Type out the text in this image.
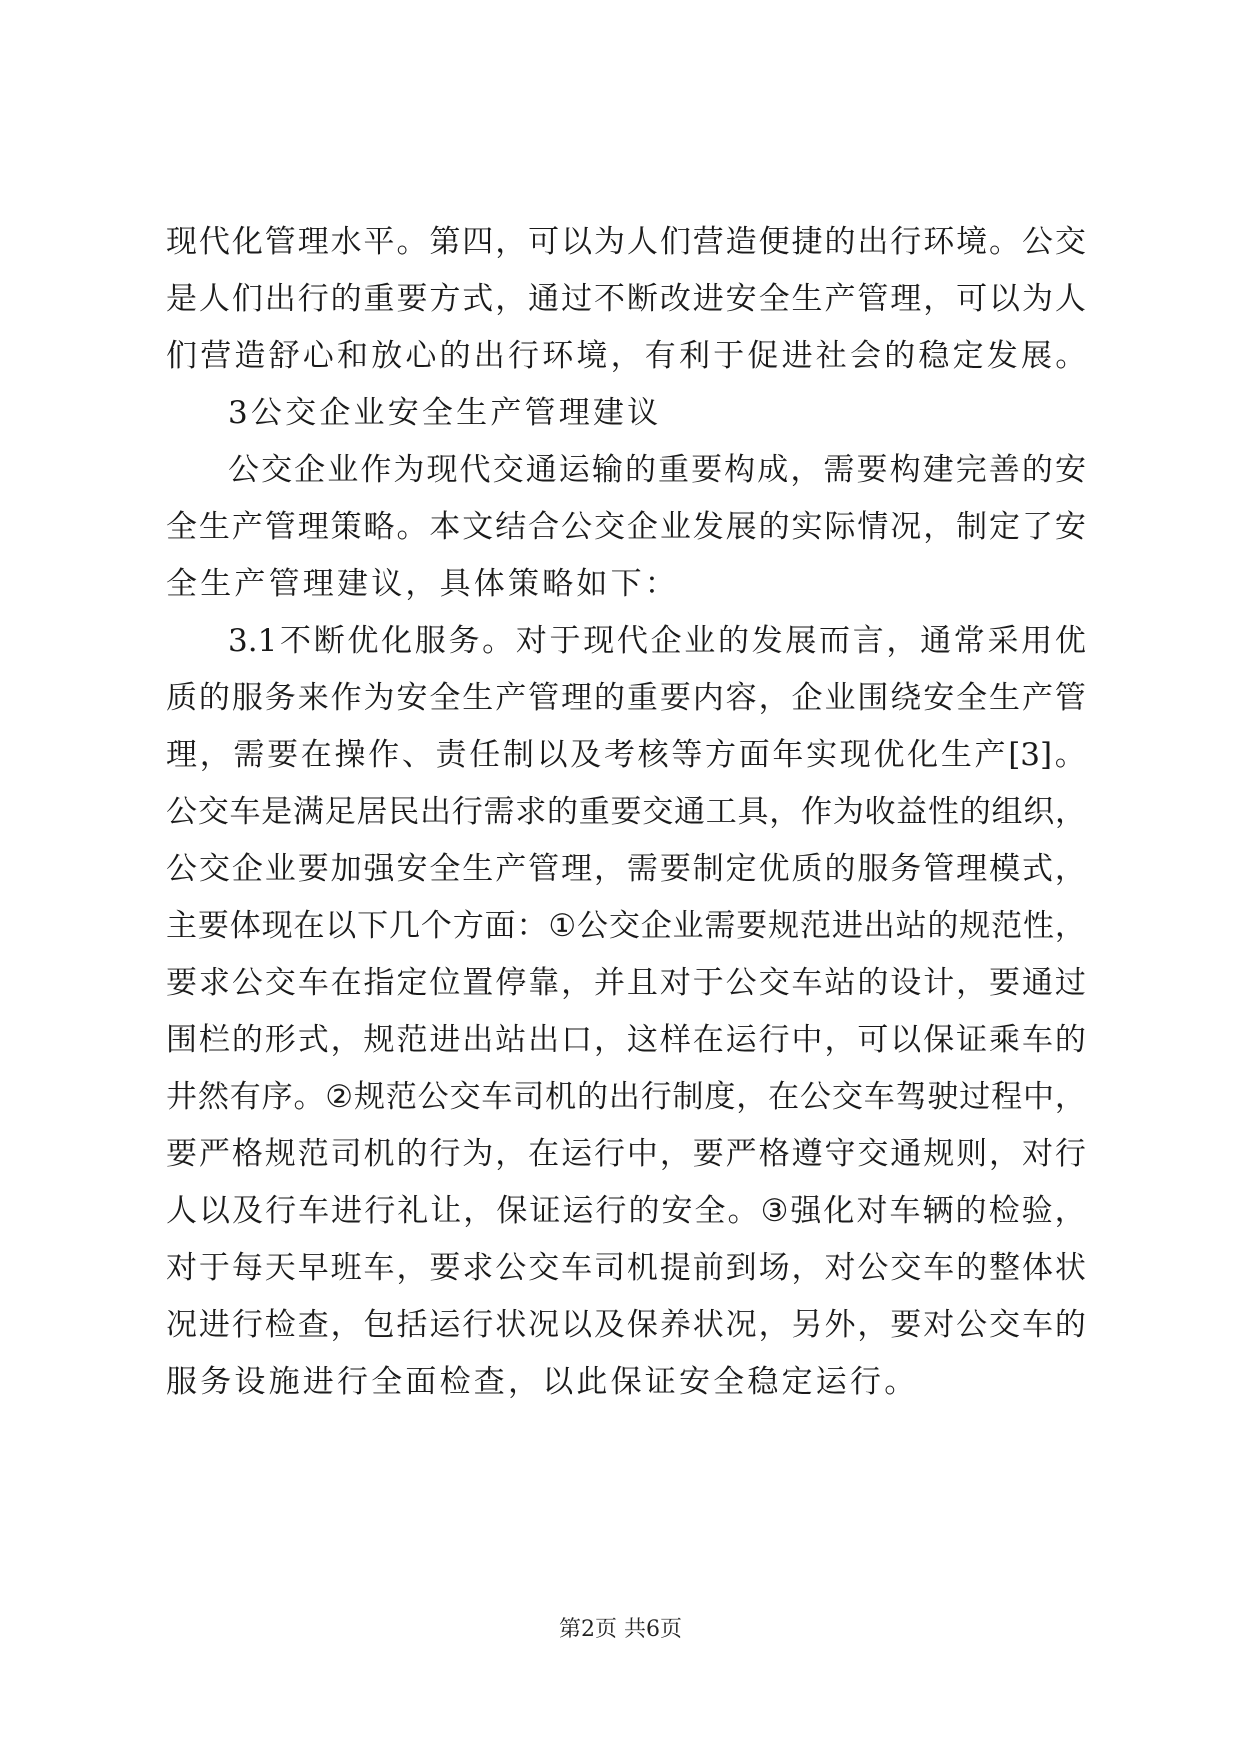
现 代 化 管 理 水 平 。 第 四 ， 可 以 为 人 们 营 造 便 捷 的 出 行 环 境 。 公 交
是 人 们 出 行 的 重 要 方 式 ， 通 过 不 断 改 进 安 全 生 产 管 理 ， 可 以 为 人
们营造舒心和放心的出行环境，有利于促进社会的稳定发展。
3公交企业安全生产管理建议
公 交 企 业 作 为 现 代 交 通 运 输 的 重 要 构 成 ， 需 要 构 建 完 善 的 安
全 生 产 管 理 策 略 。 本 文 结 合 公 交 企 业 发 展 的 实 际 情 况 ， 制 定 了 安
全生产管理建议，具体策略如下：
3.1 不 断 优 化 服 务 。 对 于 现 代 企 业 的 发 展 而 言 ， 通 常 采 用 优
质 的 服 务 来 作 为 安 全 生 产 管 理 的 重 要 内 容 ， 企 业 围 绕 安 全 生 产 管
理 ， 需 要 在 操 作 、 责 任 制 以 及 考 核 等 方 面 年 实 现 优 化 生 产 [3] 。
公 交 车 是 满 足 居 民 出 行 需 求 的 重 要 交 通 工 具 ， 作 为 收 益 性 的 组 织 ，
公 交 企 业 要 加 强 安 全 生 产 管 理 ， 需 要 制 定 优 质 的 服 务 管 理 模 式 ，
主 要 体 现 在 以 下 几 个 方 面 ： ① 公 交 企 业 需 要 规 范 进 出 站 的 规 范 性 ，
要 求 公 交 车 在 指 定 位 置 停 靠 ， 并 且 对 于 公 交 车 站 的 设 计 ， 要 通 过
围 栏 的 形 式 ， 规 范 进 出 站 出 口 ， 这 样 在 运 行 中 ， 可 以 保 证 乘 车 的
井 然 有 序 。 ② 规 范 公 交 车 司 机 的 出 行 制 度 ， 在 公 交 车 驾 驶 过 程 中 ，
要 严 格 规 范 司 机 的 行 为 ， 在 运 行 中 ， 要 严 格 遵 守 交 通 规 则 ， 对 行
人 以 及 行 车 进 行 礼 让 ， 保 证 运 行 的 安 全 。 ③ 强 化 对 车 辆 的 检 验 ，
对 于 每 天 早 班 车 ， 要 求 公 交 车 司 机 提 前 到 场 ， 对 公 交 车 的 整 体 状
况 进 行 检 查 ， 包 括 运 行 状 况 以 及 保 养 状 况 ， 另 外 ， 要 对 公 交 车 的
服务设施进行全面检查，以此保证安全稳定运行。
第2页 共6页
